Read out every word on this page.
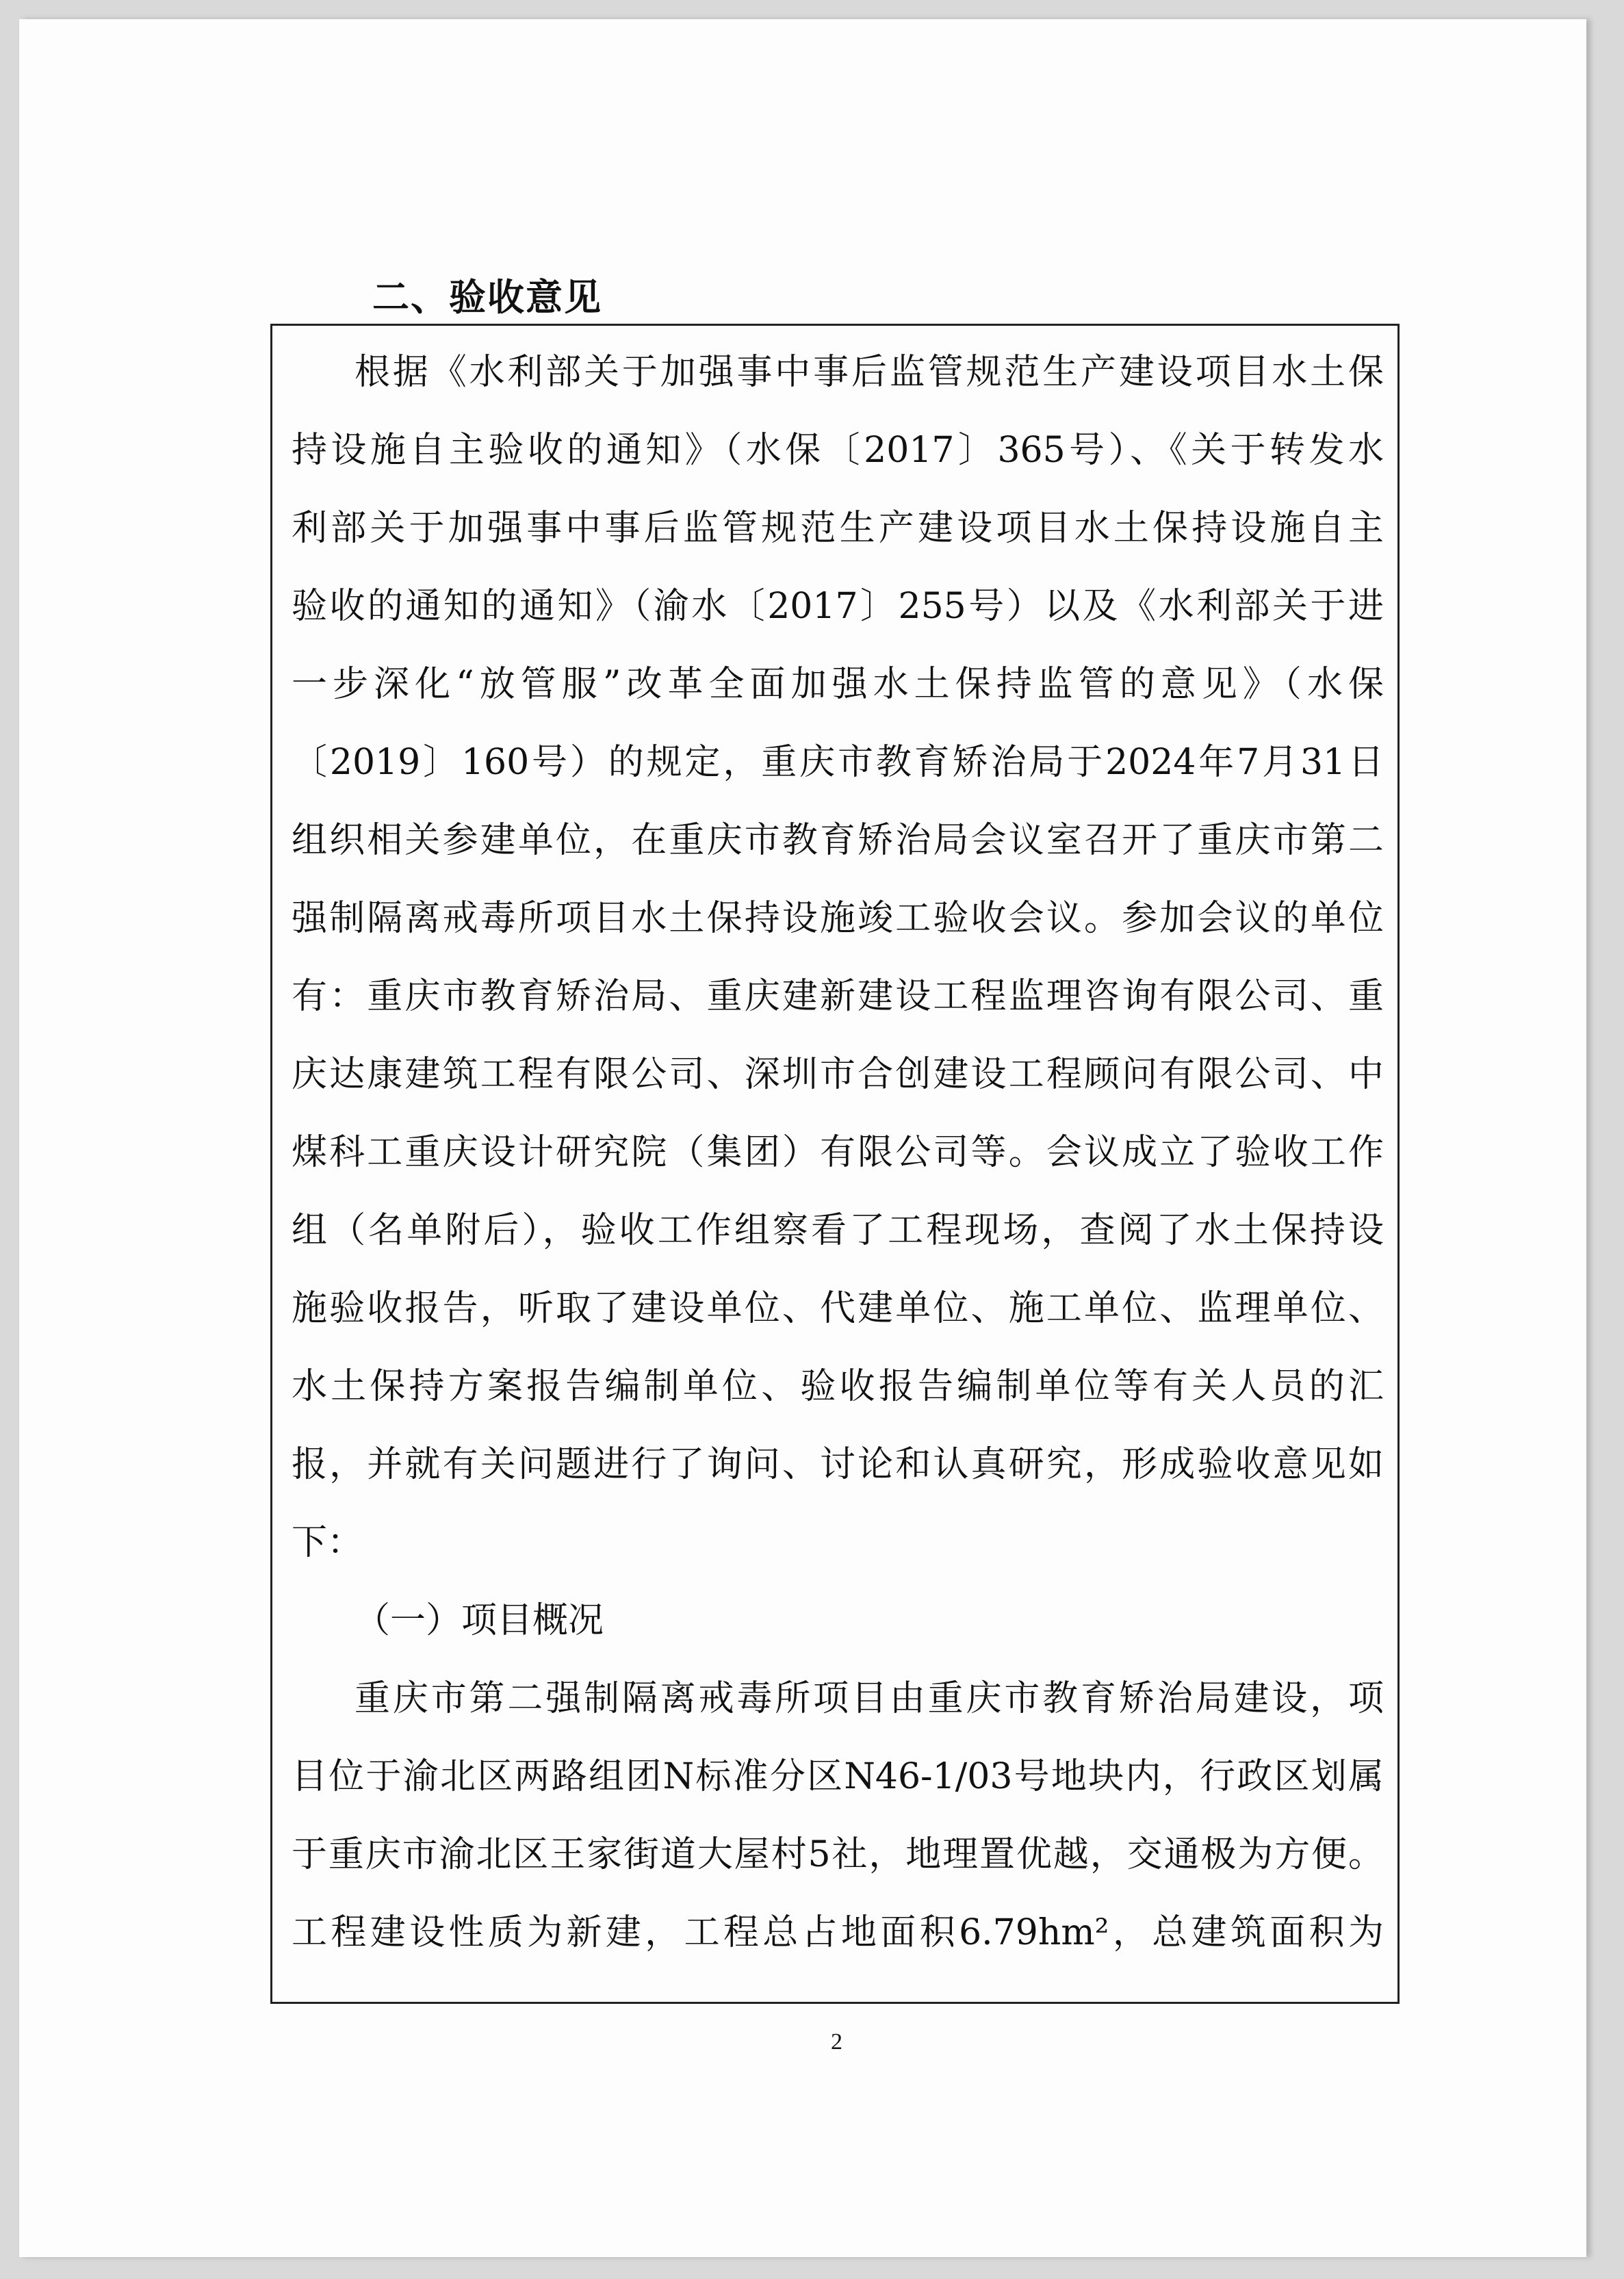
二、验收意见
根据《水利部关于加强事中事后监管规范生产建设项目水土保
持设施自主验收的通知》（水保〔2017〕365号）、《关于转发水
利部关于加强事中事后监管规范生产建设项目水土保持设施自主
验收的通知的通知》（渝水〔2017〕255号）以及《水利部关于进
一步深化“放管服”改革全面加强水土保持监管的意见》（水保
〔2019〕160号）的规定，重庆市教育矫治局于2024年7月31日
组织相关参建单位，在重庆市教育矫治局会议室召开了重庆市第二
强制隔离戒毒所项目水土保持设施竣工验收会议。参加会议的单位
有：重庆市教育矫治局、重庆建新建设工程监理咨询有限公司、重
庆达康建筑工程有限公司、深圳市合创建设工程顾问有限公司、中
煤科工重庆设计研究院（集团）有限公司等。会议成立了验收工作
组（名单附后），验收工作组察看了工程现场，查阅了水土保持设
施验收报告，听取了建设单位、代建单位、施工单位、监理单位、
水土保持方案报告编制单位、验收报告编制单位等有关人员的汇
报，并就有关问题进行了询问、讨论和认真研究，形成验收意见如
下：
（一）项目概况
重庆市第二强制隔离戒毒所项目由重庆市教育矫治局建设，项
目位于渝北区两路组团N标准分区N46-1/03号地块内，行政区划属
于重庆市渝北区王家街道大屋村5社，地理置优越，交通极为方便。
工程建设性质为新建，工程总占地面积6.79hm²，总建筑面积为
2
